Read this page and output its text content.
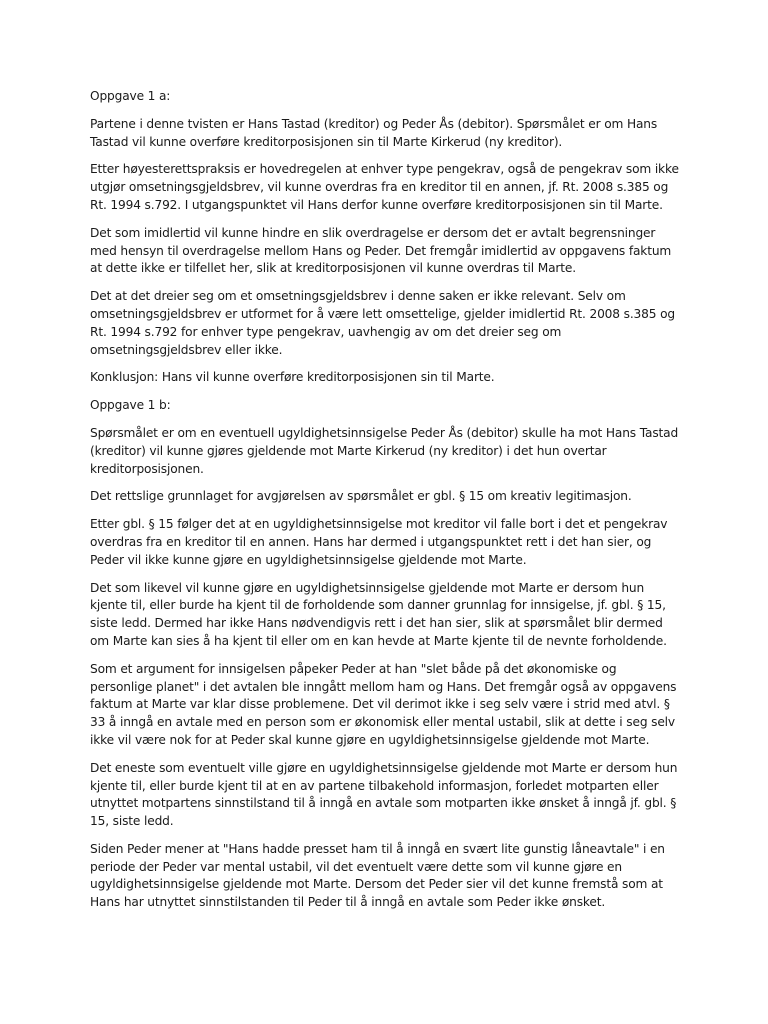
Oppgave 1 a:

Partene i denne tvisten er Hans Tastad (kreditor) og Peder Ås (debitor). Spørsmålet er om Hans Tastad vil kunne overføre kreditorposisjonen sin til Marte Kirkerud (ny kreditor).

Etter høyesterettspraksis er hovedregelen at enhver type pengekrav, også de pengekrav som ikke utgjør omsetningsgjeldsbrev, vil kunne overdras fra en kreditor til en annen, jf. Rt. 2008 s.385 og Rt. 1994 s.792. I utgangspunktet vil Hans derfor kunne overføre kreditorposisjonen sin til Marte.

Det som imidlertid vil kunne hindre en slik overdragelse er dersom det er avtalt begrensninger med hensyn til overdragelse mellom Hans og Peder. Det fremgår imidlertid av oppgavens faktum at dette ikke er tilfellet her, slik at kreditorposisjonen vil kunne overdras til Marte.

Det at det dreier seg om et omsetningsgjeldsbrev i denne saken er ikke relevant. Selv om omsetningsgjeldsbrev er utformet for å være lett omsettelige, gjelder imidlertid Rt. 2008 s.385 og Rt. 1994 s.792 for enhver type pengekrav, uavhengig av om det dreier seg om omsetningsgjeldsbrev eller ikke.

Konklusjon: Hans vil kunne overføre kreditorposisjonen sin til Marte.

Oppgave 1 b:

Spørsmålet er om en eventuell ugyldighetsinnsigelse Peder Ås (debitor) skulle ha mot Hans Tastad (kreditor) vil kunne gjøres gjeldende mot Marte Kirkerud (ny kreditor) i det hun overtar kreditorposisjonen.

Det rettslige grunnlaget for avgjørelsen av spørsmålet er gbl. § 15 om kreativ legitimasjon.

Etter gbl. § 15 følger det at en ugyldighetsinnsigelse mot kreditor vil falle bort i det et pengekrav overdras fra en kreditor til en annen. Hans har dermed i utgangspunktet rett i det han sier, og Peder vil ikke kunne gjøre en ugyldighetsinnsigelse gjeldende mot Marte.

Det som likevel vil kunne gjøre en ugyldighetsinnsigelse gjeldende mot Marte er dersom hun kjente til, eller burde ha kjent til de forholdende som danner grunnlag for innsigelse, jf. gbl. § 15, siste ledd. Dermed har ikke Hans nødvendigvis rett i det han sier, slik at spørsmålet blir dermed om Marte kan sies å ha kjent til eller om en kan hevde at Marte kjente til de nevnte forholdende.

Som et argument for innsigelsen påpeker Peder at han "slet både på det økonomiske og personlige planet" i det avtalen ble inngått mellom ham og Hans. Det fremgår også av oppgavens faktum at Marte var klar disse problemene. Det vil derimot ikke i seg selv være i strid med atvl. § 33 å inngå en avtale med en person som er økonomisk eller mental ustabil, slik at dette i seg selv ikke vil være nok for at Peder skal kunne gjøre en ugyldighetsinnsigelse gjeldende mot Marte.

Det eneste som eventuelt ville gjøre en ugyldighetsinnsigelse gjeldende mot Marte er dersom hun kjente til, eller burde kjent til at en av partene tilbakehold informasjon, forledet motparten eller utnyttet motpartens sinnstilstand til å inngå en avtale som motparten ikke ønsket å inngå jf. gbl. § 15, siste ledd.

Siden Peder mener at "Hans hadde presset ham til å inngå en svært lite gunstig låneavtale" i en periode der Peder var mental ustabil, vil det eventuelt være dette som vil kunne gjøre en ugyldighetsinnsigelse gjeldende mot Marte. Dersom det Peder sier vil det kunne fremstå som at Hans har utnyttet sinnstilstanden til Peder til å inngå en avtale som Peder ikke ønsket.
